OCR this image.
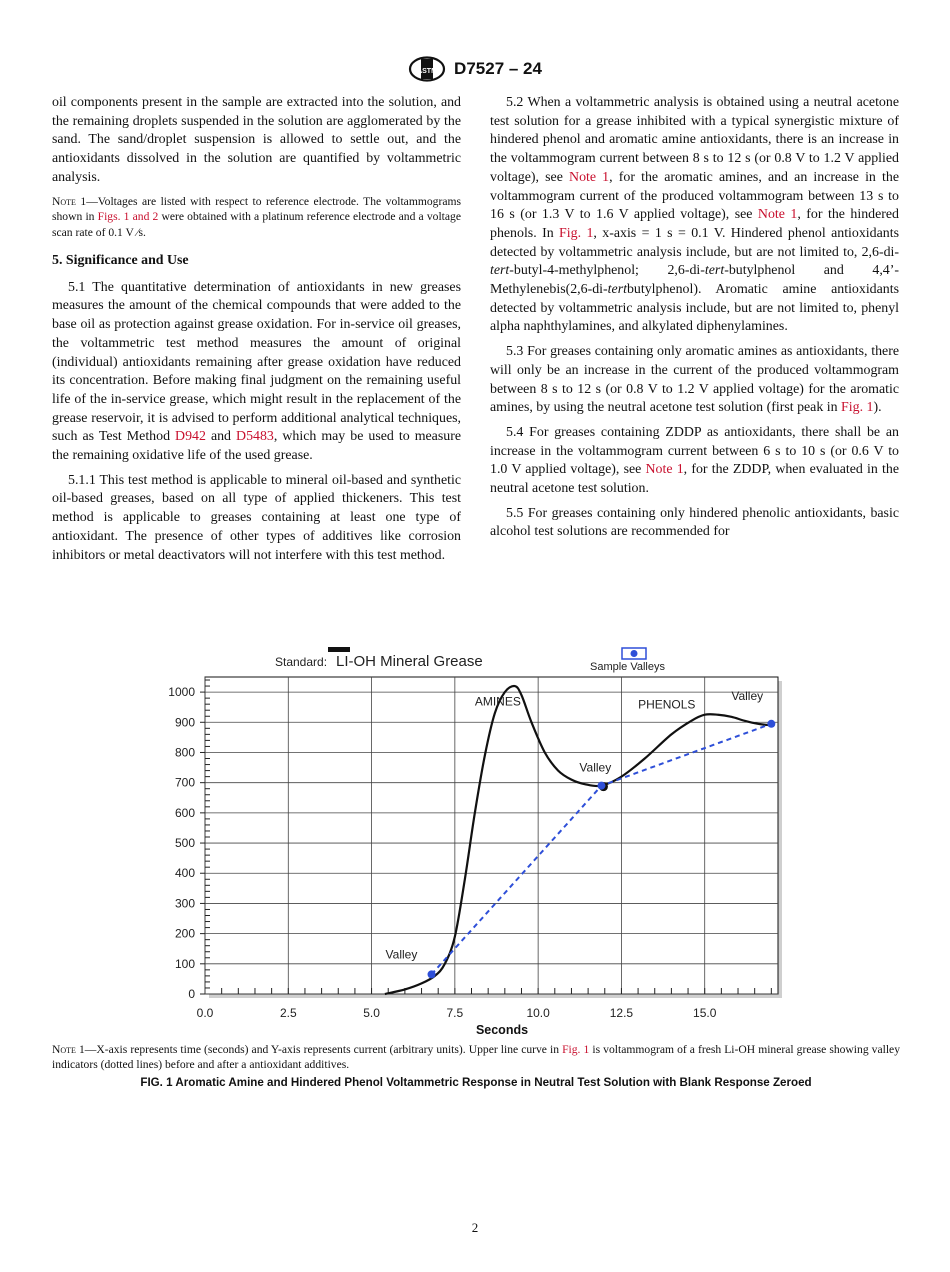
ASTM D7527 – 24

oil components present in the sample are extracted into the solution, and the remaining droplets suspended in the solution are agglomerated by the sand. The sand/droplet suspension is allowed to settle out, and the antioxidants dissolved in the solution are quantified by voltammetric analysis.

Note 1—Voltages are listed with respect to reference electrode. The voltammograms shown in Figs. 1 and 2 were obtained with a platinum reference electrode and a voltage scan rate of 0.1 V ⁄s.

5. Significance and Use

5.1 The quantitative determination of antioxidants in new greases measures the amount of the chemical compounds that were added to the base oil as protection against grease oxidation. For in-service oil greases, the voltammetric test method measures the amount of original (individual) antioxidants remaining after grease oxidation have reduced its concentration. Before making final judgment on the remaining useful life of the in-service grease, which might result in the replacement of the grease reservoir, it is advised to perform additional analytical techniques, such as Test Method D942 and D5483, which may be used to measure the remaining oxidative life of the used grease.

5.1.1 This test method is applicable to mineral oil-based and synthetic oil-based greases, based on all type of applied thickeners. This test method is applicable to greases containing at least one type of antioxidant. The presence of other types of additives like corrosion inhibitors or metal deactivators will not interfere with this test method.

5.2 When a voltammetric analysis is obtained using a neutral acetone test solution for a grease inhibited with a typical synergistic mixture of hindered phenol and aromatic amine antioxidants, there is an increase in the voltammogram current between 8 s to 12 s (or 0.8 V to 1.2 V applied voltage), see Note 1, for the aromatic amines, and an increase in the voltammogram current of the produced voltammogram between 13 s to 16 s (or 1.3 V to 1.6 V applied voltage), see Note 1, for the hindered phenols. In Fig. 1, x-axis = 1 s = 0.1 V. Hindered phenol antioxidants detected by voltammetric analysis include, but are not limited to, 2,6-di-tert-butyl-4-methylphenol; 2,6-di-tert-butylphenol and 4,4’-Methylenebis(2,6-di-tertbutylphenol). Aromatic amine antioxidants detected by voltammetric analysis include, but are not limited to, phenyl alpha naphthylamines, and alkylated diphenylamines.

5.3 For greases containing only aromatic amines as antioxidants, there will only be an increase in the current of the produced voltammogram between 8 s to 12 s (or 0.8 V to 1.2 V applied voltage) for the aromatic amines, by using the neutral acetone test solution (first peak in Fig. 1).

5.4 For greases containing ZDDP as antioxidants, there shall be an increase in the voltammogram current between 6 s to 10 s (or 0.6 V to 1.0 V applied voltage), see Note 1, for the ZDDP, when evaluated in the neutral acetone test solution.

5.5 For greases containing only hindered phenolic antioxidants, basic alcohol test solutions are recommended for

Standard: LI-OH Mineral Grease	Sample Valleys
0.0	2.5	5.0	7.5	10.0	12.5	15.0
0
100
200
300
400
500
600
700
800
900
1000
Valley
Valley
Valley
AMINES	PHENOLS
Seconds
Note 1—X-axis represents time (seconds) and Y-axis represents current (arbitrary units). Upper line curve in Fig. 1 is voltammogram of a fresh Li-OH mineral grease showing valley indicators (dotted lines) before and after a antioxidant additives.
FIG. 1 Aromatic Amine and Hindered Phenol Voltammetric Response in Neutral Test Solution with Blank Response Zeroed
2
